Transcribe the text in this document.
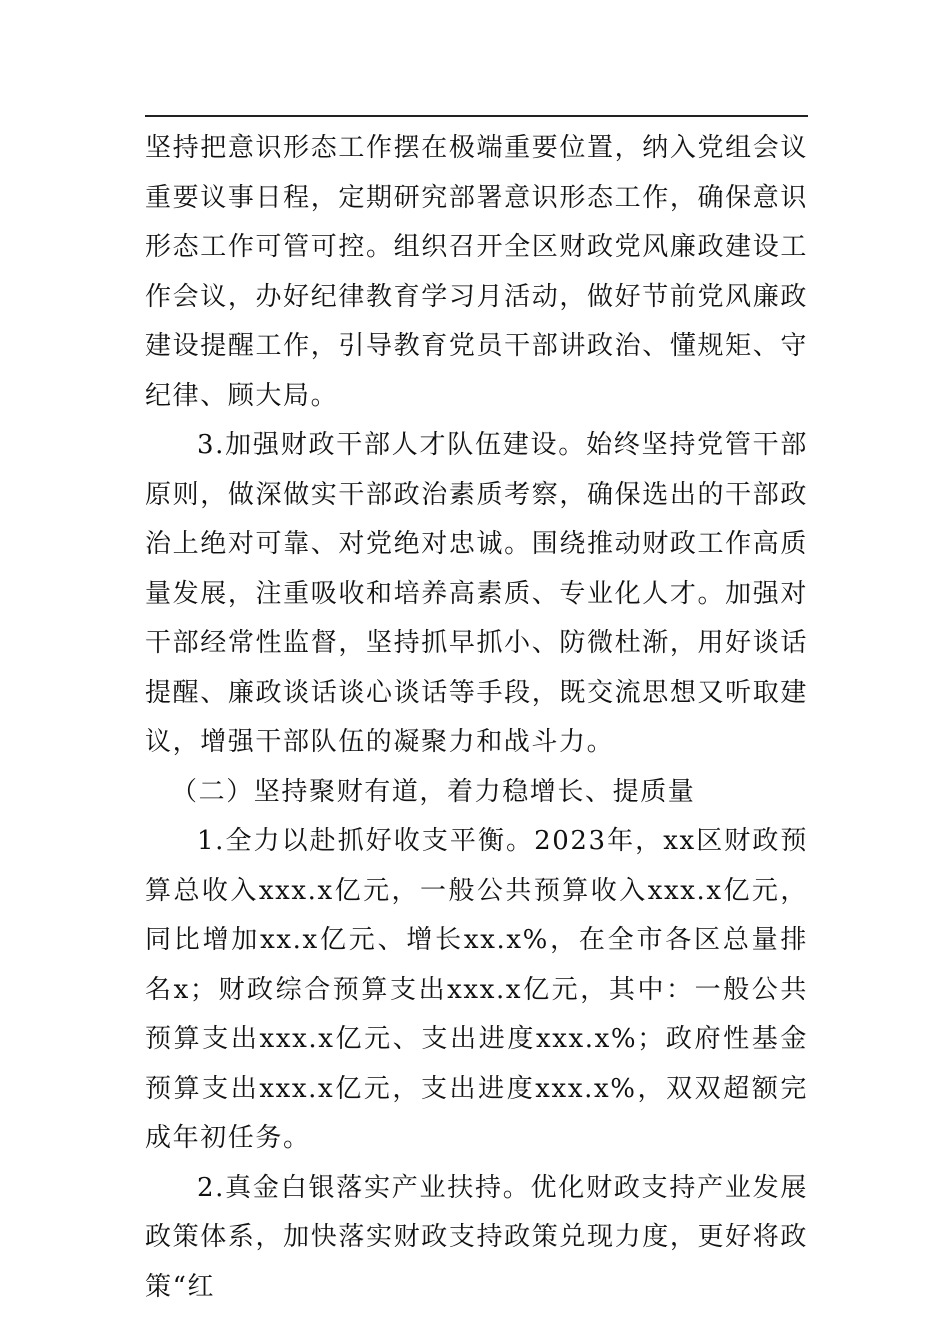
坚持把意识形态工作摆在极端重要位置，纳入党组会议重要议事日程，定期研究部署意识形态工作，确保意识形态工作可管可控。组织召开全区财政党风廉政建设工作会议，办好纪律教育学习月活动，做好节前党风廉政建设提醒工作，引导教育党员干部讲政治、懂规矩、守纪律、顾大局。

3.加强财政干部人才队伍建设。始终坚持党管干部原则，做深做实干部政治素质考察，确保选出的干部政治上绝对可靠、对党绝对忠诚。围绕推动财政工作高质量发展，注重吸收和培养高素质、专业化人才。加强对干部经常性监督，坚持抓早抓小、防微杜渐，用好谈话提醒、廉政谈话谈心谈话等手段，既交流思想又听取建议，增强干部队伍的凝聚力和战斗力。

（二）坚持聚财有道，着力稳增长、提质量

1.全力以赴抓好收支平衡。2023年，xx区财政预算总收入xxx.x亿元，一般公共预算收入xxx.x亿元，同比增加xx.x亿元、增长xx.x%，在全市各区总量排名x；财政综合预算支出xxx.x亿元，其中：一般公共预算支出xxx.x亿元、支出进度xxx.x%；政府性基金预算支出xxx.x亿元，支出进度xxx.x%，双双超额完成年初任务。

2.真金白银落实产业扶持。优化财政支持产业发展政策体系，加快落实财政支持政策兑现力度，更好将政策“红
